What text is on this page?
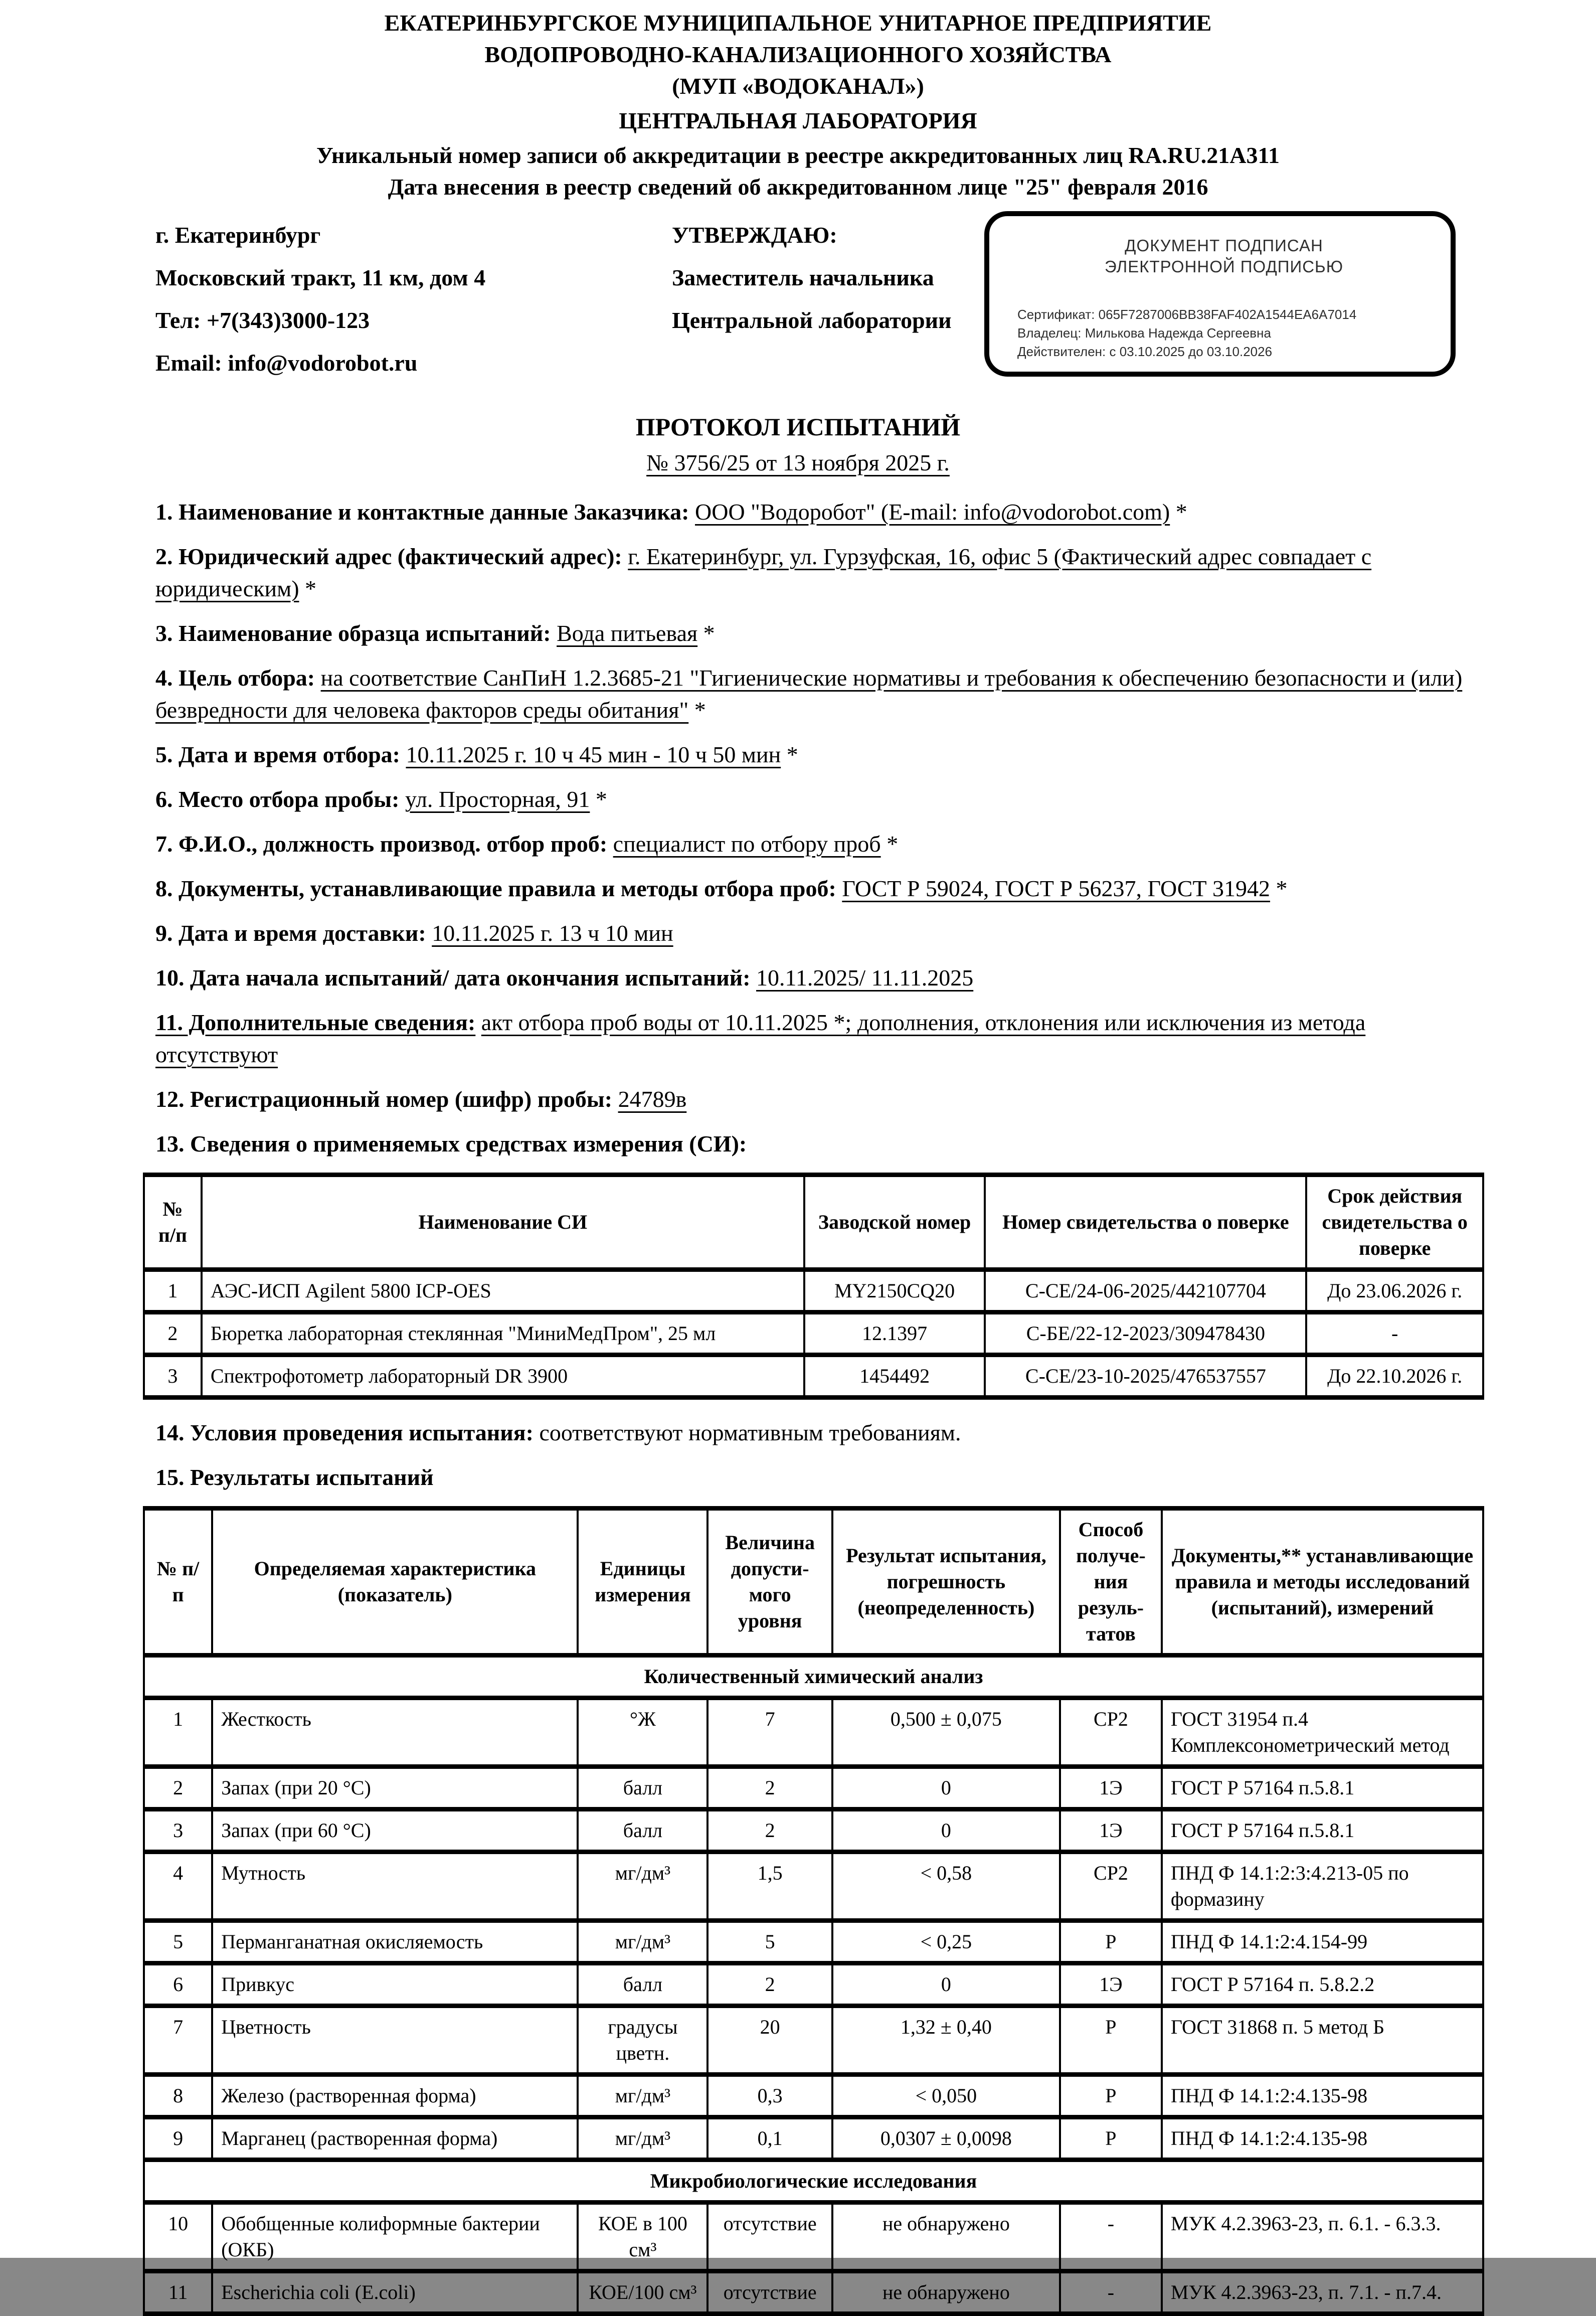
ЕКАТЕРИНБУРГСКОЕ МУНИЦИПАЛЬНОЕ УНИТАРНОЕ ПРЕДПРИЯТИЕ
ВОДОПРОВОДНО-КАНАЛИЗАЦИОННОГО ХОЗЯЙСТВА
(МУП «ВОДОКАНАЛ»)
ЦЕНТРАЛЬНАЯ ЛАБОРАТОРИЯ
Уникальный номер записи об аккредитации в реестре аккредитованных лиц RA.RU.21А311
Дата внесения в реестр сведений об аккредитованном лице "25" февраля 2016
г. Екатеринбург
Московский тракт, 11 км, дом 4
Тел: +7(343)3000-123
Email: info@vodorobot.ru
УТВЕРЖДАЮ:
Заместитель начальника
Центральной лаборатории
ДОКУМЕНТ ПОДПИСАН
ЭЛЕКТРОННОЙ ПОДПИСЬЮ
Сертификат: 065F7287006BB38FAF402A1544EA6A7014
Владелец: Милькова Надежда Сергеевна
Действителен: с 03.10.2025 до 03.10.2026
ПРОТОКОЛ ИСПЫТАНИЙ
№ 3756/25 от 13 ноября 2025 г.
1. Наименование и контактные данные Заказчика: ООО "Водоробот" (E-mail: info@vodorobot.com) *
2. Юридический адрес (фактический адрес): г. Екатеринбург, ул. Гурзуфская, 16, офис 5 (Фактический адрес совпадает с юридическим) *
3. Наименование образца испытаний: Вода питьевая *
4. Цель отбора: на соответствие СанПиН 1.2.3685-21 "Гигиенические нормативы и требования к обеспечению безопасности и (или) безвредности для человека факторов среды обитания" *
5. Дата и время отбора: 10.11.2025 г. 10 ч 45 мин - 10 ч 50 мин *
6. Место отбора пробы: ул. Просторная, 91 *
7. Ф.И.О., должность производ. отбор проб: специалист по отбору проб *
8. Документы, устанавливающие правила и методы отбора проб: ГОСТ Р 59024, ГОСТ Р 56237, ГОСТ 31942 *
9. Дата и время доставки: 10.11.2025 г. 13 ч 10 мин
10. Дата начала испытаний/ дата окончания испытаний: 10.11.2025/ 11.11.2025
11. Дополнительные сведения: акт отбора проб воды от 10.11.2025 *; дополнения, отклонения или исключения из метода отсутствуют
12. Регистрационный номер (шифр) пробы: 24789в
13. Сведения о применяемых средствах измерения (СИ):
№ п/п	Наименование СИ	Заводской номер	Номер свидетельства о поверке	Срок действия свидетельства о поверке
1	АЭС-ИСП Agilent 5800 ICP-OES	MY2150CQ20	С-СЕ/24-06-2025/442107704	До 23.06.2026 г.
2	Бюретка лабораторная стеклянная "МиниМедПром", 25 мл	12.1397	С-БЕ/22-12-2023/309478430	-
3	Спектрофотометр лабораторный DR 3900	1454492	С-СЕ/23-10-2025/476537557	До 22.10.2026 г.
14. Условия проведения испытания: соответствуют нормативным требованиям.
15. Результаты испытаний
№ п/п	Определяемая характеристика (показатель)	Единицы измерения	Величина допусти-мого уровня	Результат испытания, погрешность (неопределенность)	Способ получе-ния резуль-татов	Документы,** устанавливающие правила и методы исследований (испытаний), измерений
Количественный химический анализ						
1	Жесткость	°Ж	7	0,500 ± 0,075	СР2	ГОСТ 31954 п.4 Комплексонометрический метод
2	Запах (при 20 °С)	балл	2	0	1Э	ГОСТ Р 57164 п.5.8.1
3	Запах (при 60 °С)	балл	2	0	1Э	ГОСТ Р 57164 п.5.8.1
4	Мутность	мг/дм³	1,5	< 0,58	СР2	ПНД Ф 14.1:2:3:4.213-05 по формазину
5	Перманганатная окисляемость	мг/дм³	5	< 0,25	Р	ПНД Ф 14.1:2:4.154-99
6	Привкус	балл	2	0	1Э	ГОСТ Р 57164 п. 5.8.2.2
7	Цветность	градусы цветн.	20	1,32 ± 0,40	Р	ГОСТ 31868 п. 5 метод Б
8	Железо (растворенная форма)	мг/дм³	0,3	< 0,050	Р	ПНД Ф 14.1:2:4.135-98
9	Марганец (растворенная форма)	мг/дм³	0,1	0,0307 ± 0,0098	Р	ПНД Ф 14.1:2:4.135-98
Микробиологические исследования						
10	Обобщенные колиформные бактерии (ОКБ)	КОЕ в 100 см³	отсутствие	не обнаружено	-	МУК 4.2.3963-23, п. 6.1. - 6.3.3.
11	Escherichia coli (E.coli)	КОЕ/100 см³	отсутствие	не обнаружено	-	МУК 4.2.3963-23, п. 7.1. - п.7.4.
